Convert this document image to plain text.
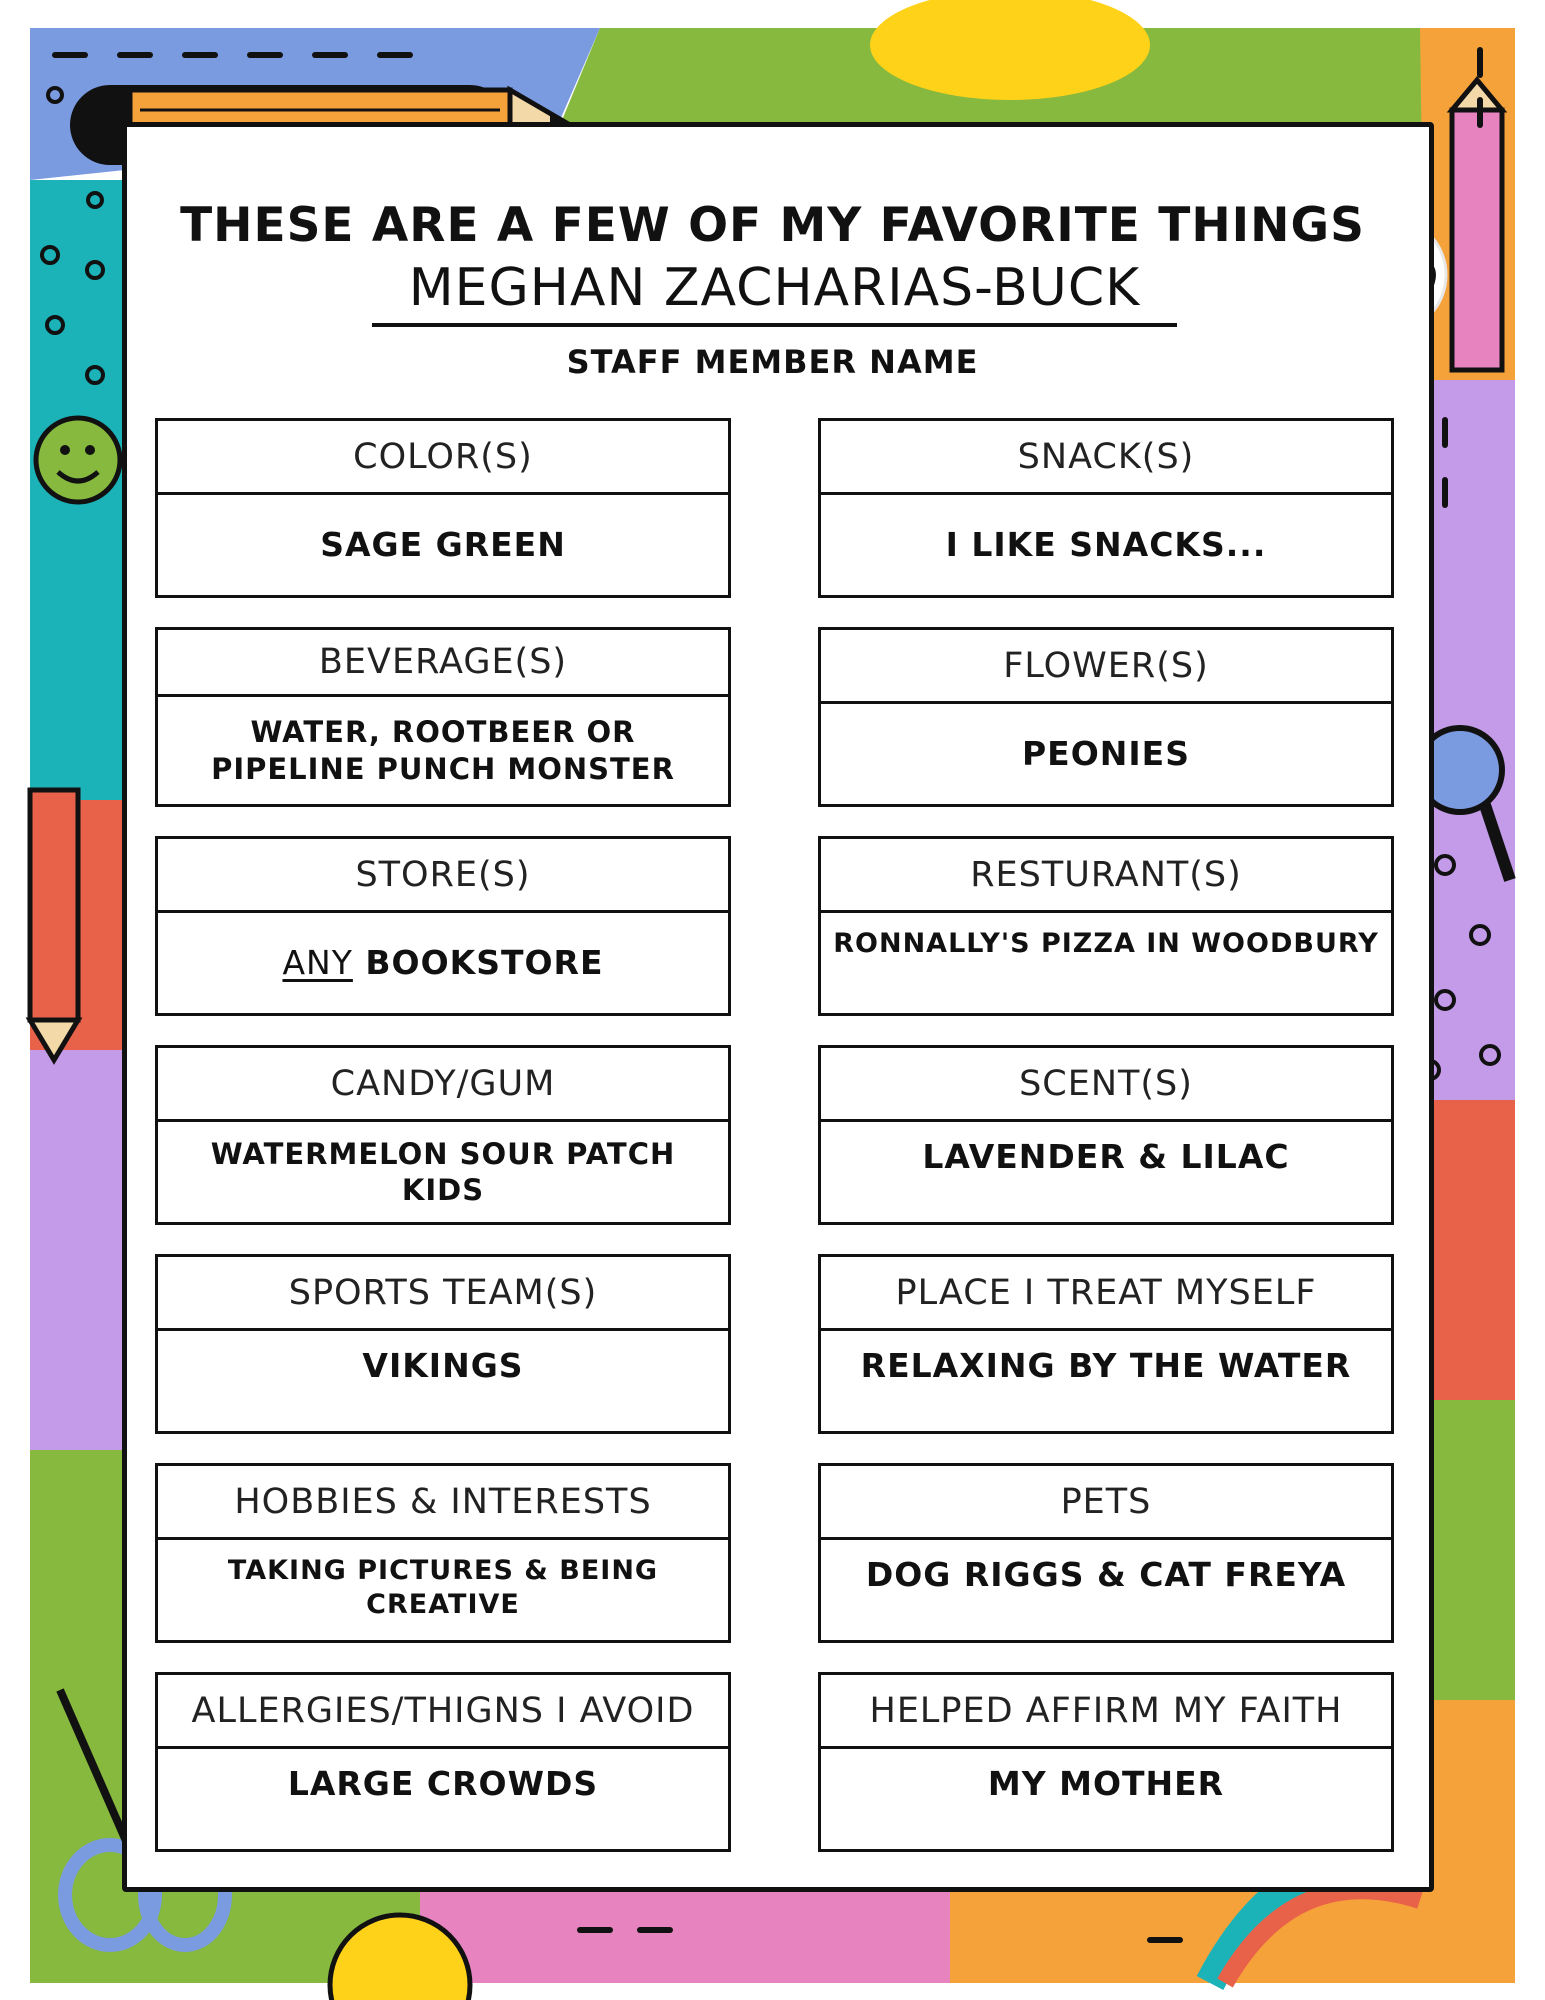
THESE ARE A FEW OF MY FAVORITE THINGS
MEGHAN ZACHARIAS-BUCK
STAFF MEMBER NAME
COLOR(S)
SAGE GREEN
BEVERAGE(S)
WATER, ROOTBEER OR PIPELINE PUNCH MONSTER
STORE(S)
ANY BOOKSTORE
CANDY/GUM
WATERMELON SOUR PATCH KIDS
SPORTS TEAM(S)
VIKINGS
HOBBIES & INTERESTS
TAKING PICTURES & BEING CREATIVE
ALLERGIES/THIGNS I AVOID
LARGE CROWDS
SNACK(S)
I LIKE SNACKS...
FLOWER(S)
PEONIES
RESTURANT(S)
RONNALLY'S PIZZA IN WOODBURY
SCENT(S)
LAVENDER & LILAC
PLACE I TREAT MYSELF
RELAXING BY THE WATER
PETS
DOG RIGGS & CAT FREYA
HELPED AFFIRM MY FAITH
MY MOTHER
